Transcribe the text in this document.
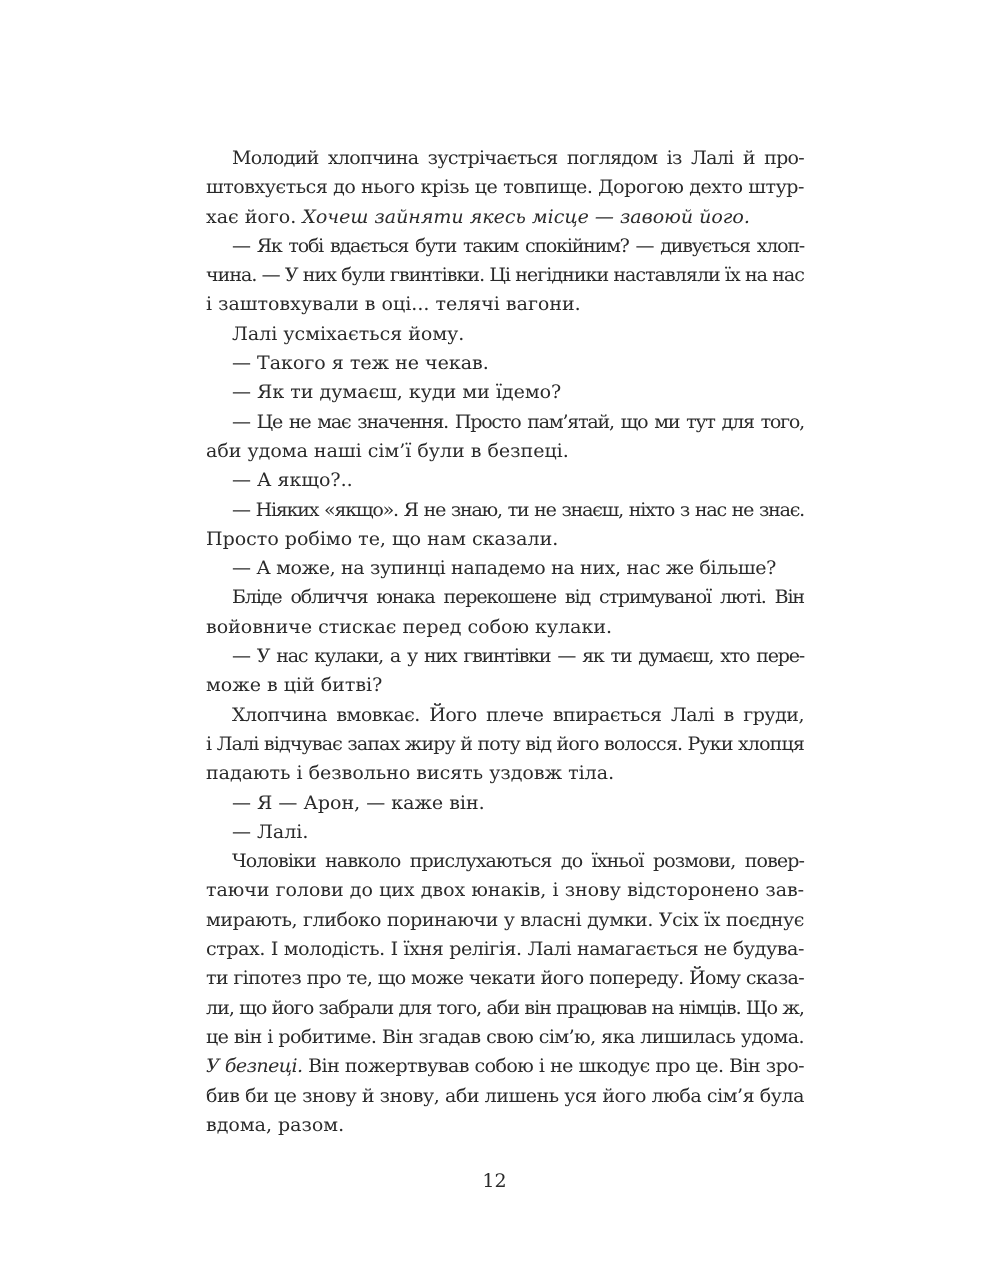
Молодий хлопчина зустрічається поглядом із Лалі й про-
штовхується до нього крізь це товпище. Дорогою дехто штур-
хає його. Хочеш зайняти якесь місце — завоюй його.
— Як тобі вдається бути таким спокійним? — дивується хлоп-
чина. — У них були гвинтівки. Ці негідники наставляли їх на нас
і заштовхували в оці... телячі вагони.
Лалі усміхається йому.
— Такого я теж не чекав.
— Як ти думаєш, куди ми їдемо?
— Це не має значення. Просто пам’ятай, що ми тут для того,
аби удома наші сім’ї були в безпеці.
— А якщо?..
— Ніяких «якщо». Я не знаю, ти не знаєш, ніхто з нас не знає.
Просто робімо те, що нам сказали.
— А може, на зупинці нападемо на них, нас же більше?
Бліде обличчя юнака перекошене від стримуваної люті. Він
войовниче стискає перед собою кулаки.
— У нас кулаки, а у них гвинтівки — як ти думаєш, хто пере-
може в цій битві?
Хлопчина вмовкає. Його плече впирається Лалі в груди,
і Лалі відчуває запах жиру й поту від його волосся. Руки хлопця
падають і безвольно висять уздовж тіла.
— Я — Арон, — каже він.
— Лалі.
Чоловіки навколо прислухаються до їхньої розмови, повер-
таючи голови до цих двох юнаків, і знову відсторонено зав-
мирають, глибоко поринаючи у власні думки. Усіх їх поєднує
страх. І молодість. І їхня релігія. Лалі намагається не будува-
ти гіпотез про те, що може чекати його попереду. Йому сказа-
ли, що його забрали для того, аби він працював на німців. Що ж,
це він і робитиме. Він згадав свою сім’ю, яка лишилась удома.
У безпеці. Він пожертвував собою і не шкодує про це. Він зро-
бив би це знову й знову, аби лишень уся його люба сім’я була
вдома, разом.
12
